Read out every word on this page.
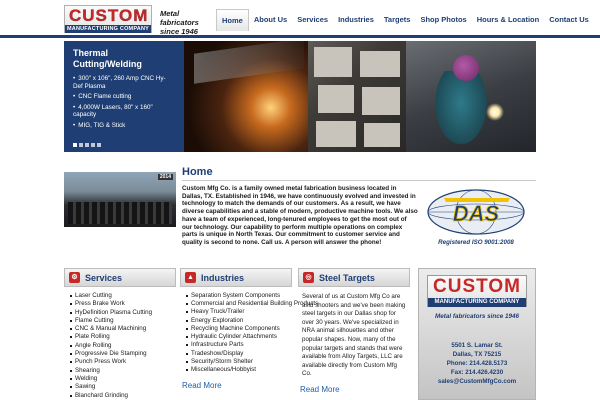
CUSTOM
MANUFACTURING COMPANY
Metal fabricators
since 1946
Home	About Us	Services	Industries	Targets	Shop Photos	Hours & Location	Contact Us
Thermal
Cutting/Welding
• 300" x 106", 260 Amp CNC Hy-Def Plasma
• CNC Flame cutting
• 4,000W Lasers, 80" x 160" capacity
• MIG, TIG & Stick
2014 Home
Custom Mfg Co. is a family owned metal fabrication business located in Dallas, TX. Established in 1946, we have continuously evolved and invested in technology to match the demands of our customers. As a result, we have diverse capabilities and a stable of modern, productive machine tools. We also have a team of experienced, long-tenured employees to get the most out of our technology. Our capability to perform multiple operations on complex parts is unique in North Texas. Our commitment to customer service and quality is second to none. Call us. A person will answer the phone!
DAS
Registered ISO 9001:2008
⚙ Services
Laser Cutting
Press Brake Work
HyDefinition Plasma Cutting
Flame Cutting
CNC & Manual Machining
Plate Rolling
Angle Rolling
Progressive Die Stamping
Punch Press Work
Shearing
Welding
Sawing
Blanchard Grinding
▲ Industries
Separation System Components
Commercial and Residential Building Products
Heavy Truck/Trailer
Energy Exploration
Recycling Machine Components
Hydraulic Cylinder Attachments
Infrastructure Parts
Tradeshow/Display
Security/Storm Shelter
Miscellaneous/Hobbyist
Read More
◎ Steel Targets
Several of us at Custom Mfg Co are avid shooters and we've been making steel targets in our Dallas shop for over 30 years. We've specialized in NRA animal silhouettes and other popular shapes. Now, many of the popular targets and stands that were available from Alloy Targets, LLC are available directly from Custom Mfg Co.
Read More
CUSTOM
MANUFACTURING COMPANY
Metal fabricators since 1946
5501 S. Lamar St.
Dallas, TX 75215
Phone: 214.428.5173
Fax: 214.426.4230
sales@CustomMfgCo.com
